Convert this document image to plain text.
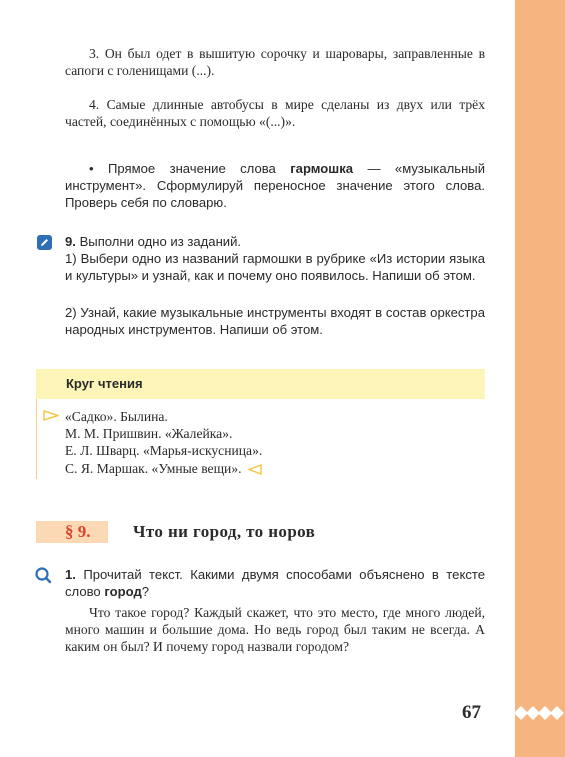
3. Он был одет в вышитую сорочку и шаровары, заправленные в сапоги с голенищами (...).

4. Самые длинные автобусы в мире сделаны из двух или трёх частей, соединённых с помощью «(...)».

• Прямое значение слова гармошка — «музыкальный инструмент». Сформулируй переносное значение этого слова. Проверь себя по словарю.

9. Выполни одно из заданий.

1) Выбери одно из названий гармошки в рубрике «Из истории языка и культуры» и узнай, как и почему оно появилось. Напиши об этом.

2) Узнай, какие музыкальные инструменты входят в состав оркестра народных инструментов. Напиши об этом.

Круг чтения
«Садко». Былина.
М. М. Пришвин. «Жалейка».
Е. Л. Шварц. «Марья-искусница».
С. Я. Маршак. «Умные вещи».
§ 9.	Что ни город, то норов

1. Прочитай текст. Какими двумя способами объяснено в тексте слово город?

Что такое город? Каждый скажет, что это место, где много людей, много машин и большие дома. Но ведь город был таким не всегда. А каким он был? И почему город назвали городом?

67
